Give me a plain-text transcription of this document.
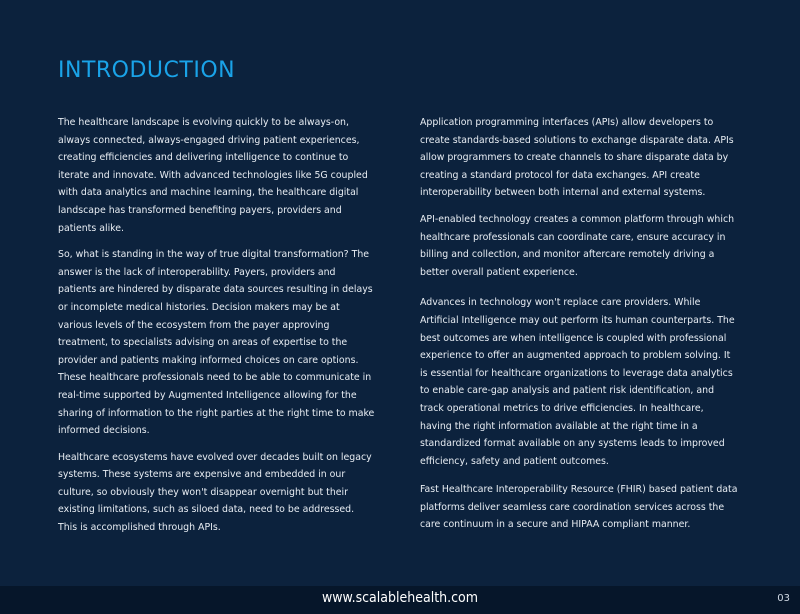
INTRODUCTION

The healthcare landscape is evolving quickly to be always-on, always connected, always-engaged driving patient experiences, creating efficiencies and delivering intelligence to continue to iterate and innovate. With advanced technologies like 5G coupled with data analytics and machine learning, the healthcare digital landscape has transformed benefiting payers, providers and patients alike.

So, what is standing in the way of true digital transformation? The answer is the lack of interoperability. Payers, providers and patients are hindered by disparate data sources resulting in delays or incomplete medical histories. Decision makers may be at various levels of the ecosystem from the payer approving treatment, to specialists advising on areas of expertise to the provider and patients making informed choices on care options. These healthcare professionals need to be able to communicate in real-time supported by Augmented Intelligence allowing for the sharing of information to the right parties at the right time to make informed decisions.

Healthcare ecosystems have evolved over decades built on legacy systems. These systems are expensive and embedded in our culture, so obviously they won't disappear overnight but their existing limitations, such as siloed data, need to be addressed. This is accomplished through APIs.

Application programming interfaces (APIs) allow developers to create standards-based solutions to exchange disparate data. APIs allow programmers to create channels to share disparate data by creating a standard protocol for data exchanges. API create interoperability between both internal and external systems.

API-enabled technology creates a common platform through which healthcare professionals can coordinate care, ensure accuracy in billing and collection, and monitor aftercare remotely driving a better overall patient experience.

Advances in technology won't replace care providers. While Artificial Intelligence may out perform its human counterparts. The best outcomes are when intelligence is coupled with professional experience to offer an augmented approach to problem solving. It is essential for healthcare organizations to leverage data analytics to enable care-gap analysis and patient risk identification, and track operational metrics to drive efficiencies. In healthcare, having the right information available at the right time in a standardized format available on any systems leads to improved efficiency, safety and patient outcomes.

Fast Healthcare Interoperability Resource (FHIR) based patient data platforms deliver seamless care coordination services across the care continuum in a secure and HIPAA compliant manner.

www.scalablehealth.com	03
